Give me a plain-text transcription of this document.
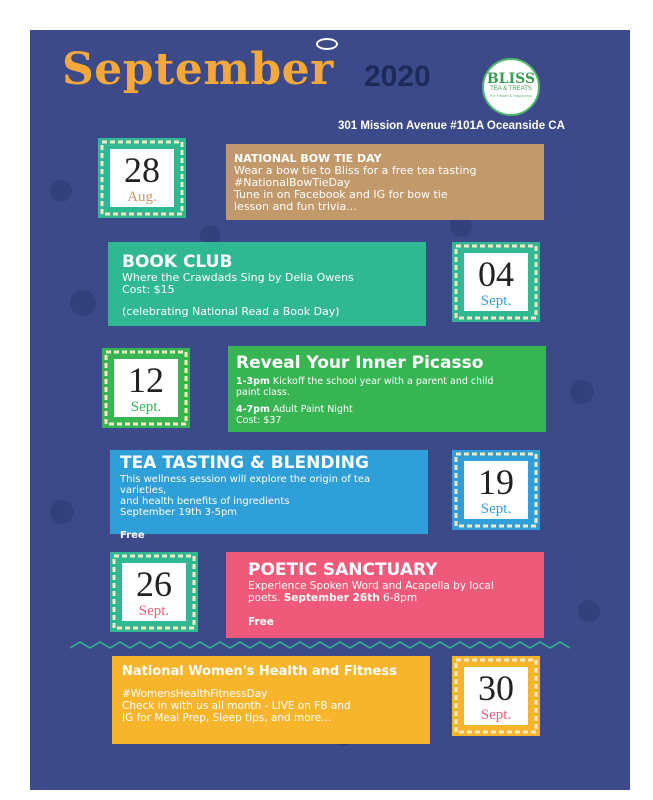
September 2020	BLISS
TEA & TREATS
For Health & Happiness
301 Mission Avenue #101A Oceanside CA
28
Aug.
NATIONAL BOW TIE DAY
Wear a bow tie to Bliss for a free tea tasting
#NationalBowTieDay
Tune in on Facebook and IG for bow tie
lesson and fun trivia...
BOOK CLUB
Where the Crawdads Sing by Delia Owens
Cost: $15
(celebrating National Read a Book Day)
04
Sept.
12
Sept.
Reveal Your Inner Picasso
1-3pm Kickoff the school year with a parent and child
paint class.
4-7pm Adult Paint Night
Cost: $37
TEA TASTING & BLENDING
This wellness session will explore the origin of tea varieties,
and health benefits of ingredients
September 19th 3-5pm
Free
19
Sept.
26
Sept.
POETIC SANCTUARY
Experience Spoken Word and Acapella by local
poets. September 26th 6-8pm
Free
National Women's Health and Fitness
#WomensHealthFitnessDay
Check in with us all month - LIVE on FB and
IG for Meal Prep, Sleep tips, and more...
30
Sept.
